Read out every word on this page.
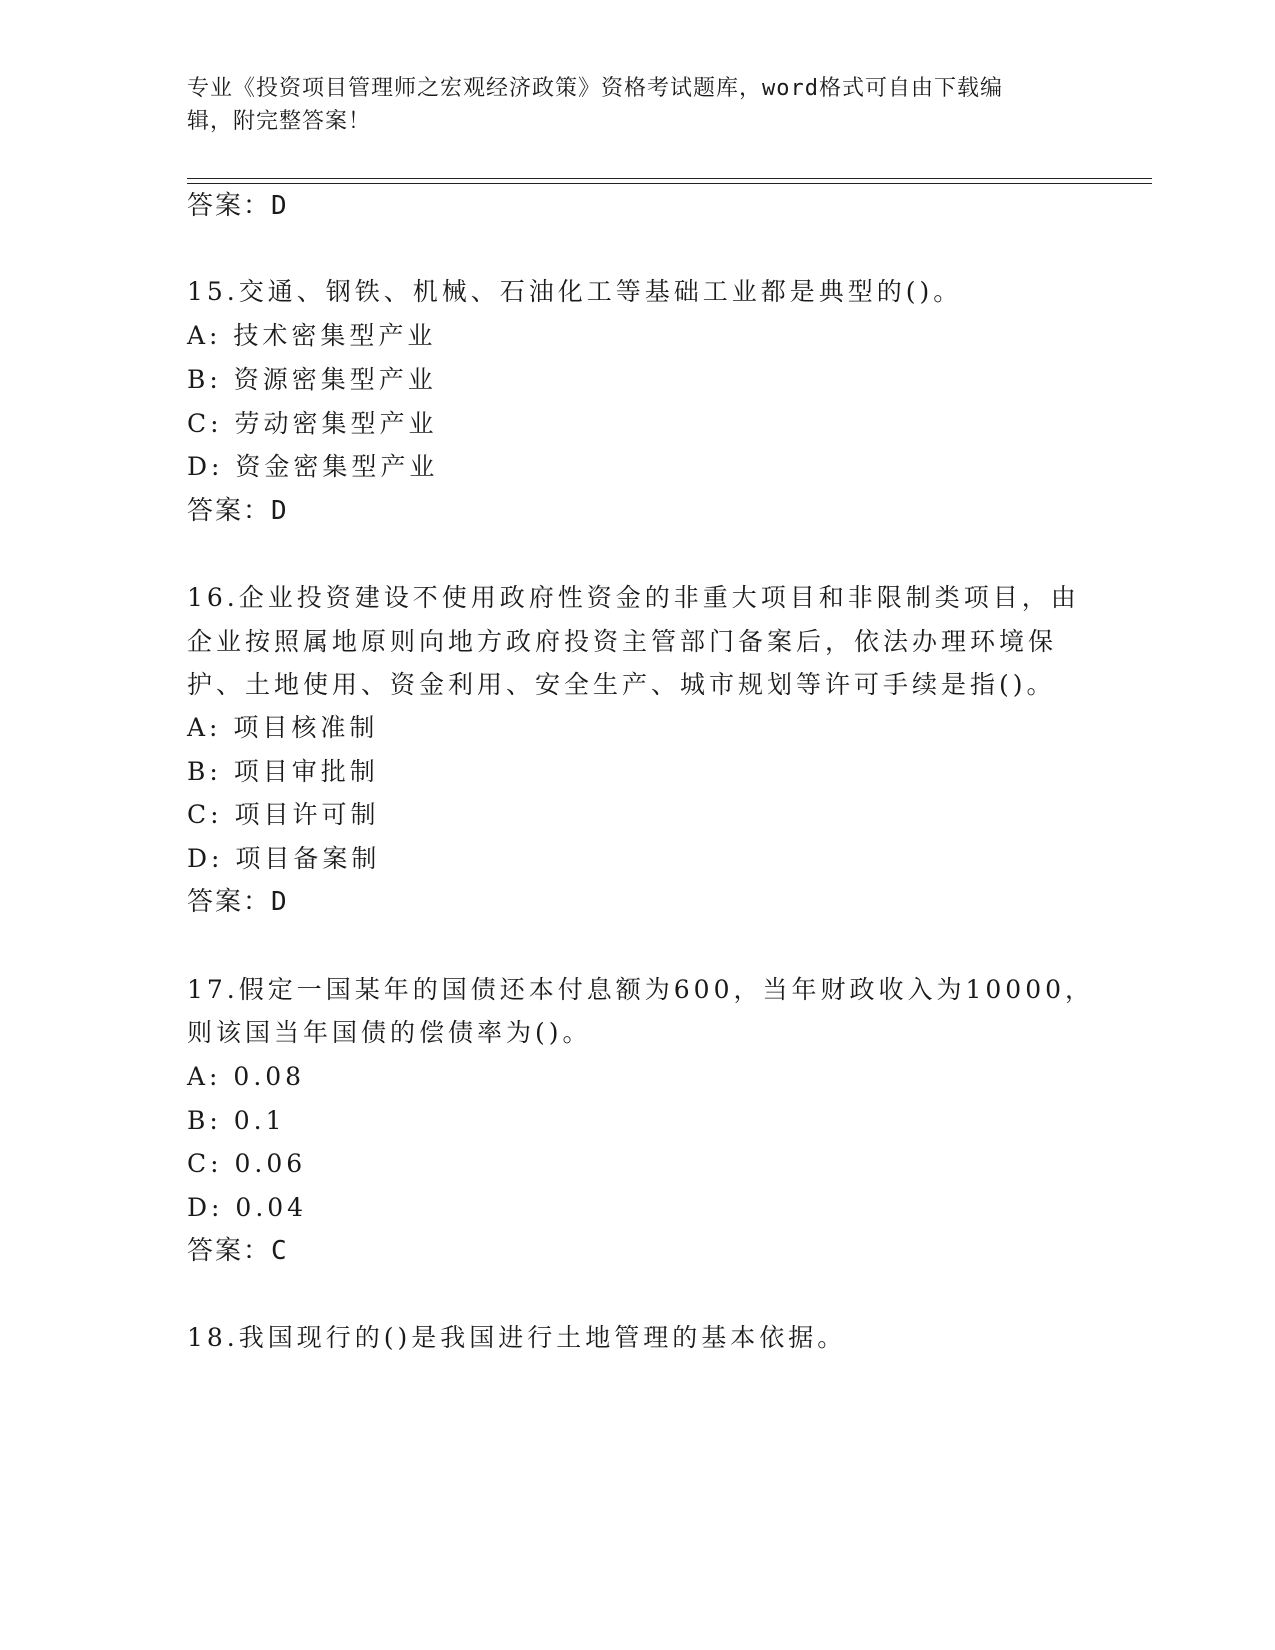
专业《投资项目管理师之宏观经济政策》资格考试题库，word格式可自由下载编
辑，附完整答案！
答案：D
15.交通、钢铁、机械、石油化工等基础工业都是典型的()。
A: 技术密集型产业
B: 资源密集型产业
C: 劳动密集型产业
D: 资金密集型产业
答案：D
16.企业投资建设不使用政府性资金的非重大项目和非限制类项目，由
企业按照属地原则向地方政府投资主管部门备案后，依法办理环境保
护、土地使用、资金利用、安全生产、城市规划等许可手续是指()。
A: 项目核准制
B: 项目审批制
C: 项目许可制
D: 项目备案制
答案：D
17.假定一国某年的国债还本付息额为600，当年财政收入为10000，
则该国当年国债的偿债率为()。
A: 0.08
B: 0.1
C: 0.06
D: 0.04
答案：C
18.我国现行的()是我国进行土地管理的基本依据。
